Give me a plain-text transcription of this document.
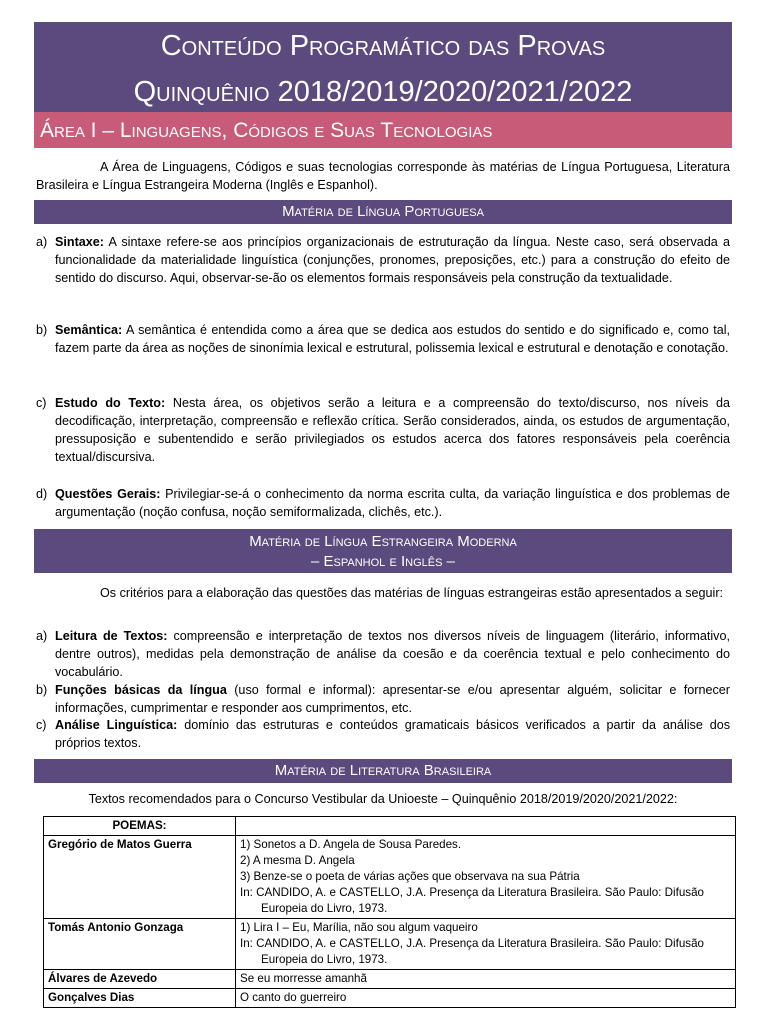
Conteúdo Programático das Provas
Quinquênio 2018/2019/2020/2021/2022
Área I – Linguagens, Códigos e Suas Tecnologias
A Área de Linguagens, Códigos e suas tecnologias corresponde às matérias de Língua Portuguesa, Literatura Brasileira e Língua Estrangeira Moderna (Inglês e Espanhol).
Matéria de Língua Portuguesa
a) Sintaxe: A sintaxe refere-se aos princípios organizacionais de estruturação da língua. Neste caso, será observada a funcionalidade da materialidade linguística (conjunções, pronomes, preposições, etc.) para a construção do efeito de sentido do discurso. Aqui, observar-se-ão os elementos formais responsáveis pela construção da textualidade.
b) Semântica: A semântica é entendida como a área que se dedica aos estudos do sentido e do significado e, como tal, fazem parte da área as noções de sinonímia lexical e estrutural, polissemia lexical e estrutural e denotação e conotação.
c) Estudo do Texto: Nesta área, os objetivos serão a leitura e a compreensão do texto/discurso, nos níveis da decodificação, interpretação, compreensão e reflexão crítica. Serão considerados, ainda, os estudos de argumentação, pressuposição e subentendido e serão privilegiados os estudos acerca dos fatores responsáveis pela coerência textual/discursiva.
d) Questões Gerais: Privilegiar-se-á o conhecimento da norma escrita culta, da variação linguística e dos problemas de argumentação (noção confusa, noção semiformalizada, clichês, etc.).
Matéria de Língua Estrangeira Moderna
– Espanhol e Inglês –
Os critérios para a elaboração das questões das matérias de línguas estrangeiras estão apresentados a seguir:
a) Leitura de Textos: compreensão e interpretação de textos nos diversos níveis de linguagem (literário, informativo, dentre outros), medidas pela demonstração de análise da coesão e da coerência textual e pelo conhecimento do vocabulário.
b) Funções básicas da língua (uso formal e informal): apresentar-se e/ou apresentar alguém, solicitar e fornecer informações, cumprimentar e responder aos cumprimentos, etc.
c) Análise Linguística: domínio das estruturas e conteúdos gramaticais básicos verificados a partir da análise dos próprios textos.
Matéria de Literatura Brasileira
Textos recomendados para o Concurso Vestibular da Unioeste – Quinquênio 2018/2019/2020/2021/2022:
POEMAS:	
Gregório de Matos Guerra	1) Sonetos a D. Angela de Sousa Paredes.
2) A mesma D. Angela
3) Benze-se o poeta de várias ações que observava na sua Pátria
In: CANDIDO, A. e CASTELLO, J.A. Presença da Literatura Brasileira. São Paulo: Difusão Europeia do Livro, 1973.

Tomás Antonio Gonzaga	1) Lira I – Eu, Marília, não sou algum vaqueiro
In: CANDIDO, A. e CASTELLO, J.A. Presença da Literatura Brasileira. São Paulo: Difusão Europeia do Livro, 1973.

Álvares de Azevedo	Se eu morresse amanhã

Gonçalves Dias	O canto do guerreiro
